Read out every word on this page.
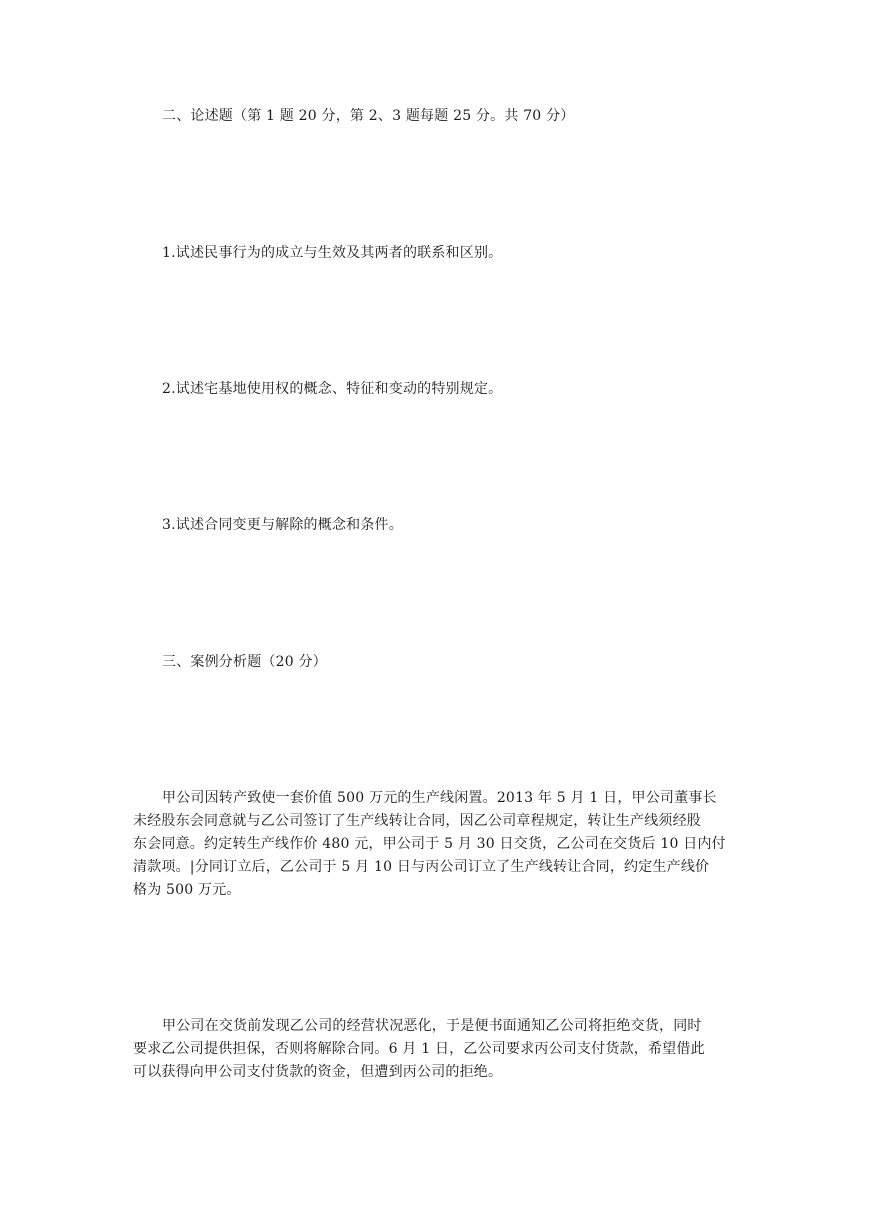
二、论述题（第 1 题 20 分，第 2、3 题每题 25 分。共 70 分）

1.试述民事行为的成立与生效及其两者的联系和区别。

2.试述宅基地使用权的概念、特征和变动的特别规定。

3.试述合同变更与解除的概念和条件。

三、案例分析题（20 分）

甲公司因转产致使一套价值 500 万元的生产线闲置。2013 年 5 月 1 日，甲公司董事长
未经股东会同意就与乙公司签订了生产线转让合同，因乙公司章程规定，转让生产线须经股
东会同意。约定转生产线作价 480 元，甲公司于 5 月 30 日交货，乙公司在交货后 10 日内付
清款项。|分同订立后，乙公司于 5 月 10 日与丙公司订立了生产线转让合同，约定生产线价
格为 500 万元。
甲公司在交货前发现乙公司的经营状况恶化，于是便书面通知乙公司将拒绝交货，同时
要求乙公司提供担保，否则将解除合同。6 月 1 日，乙公司要求丙公司支付货款，希望借此
可以获得向甲公司支付货款的资金，但遭到丙公司的拒绝。
